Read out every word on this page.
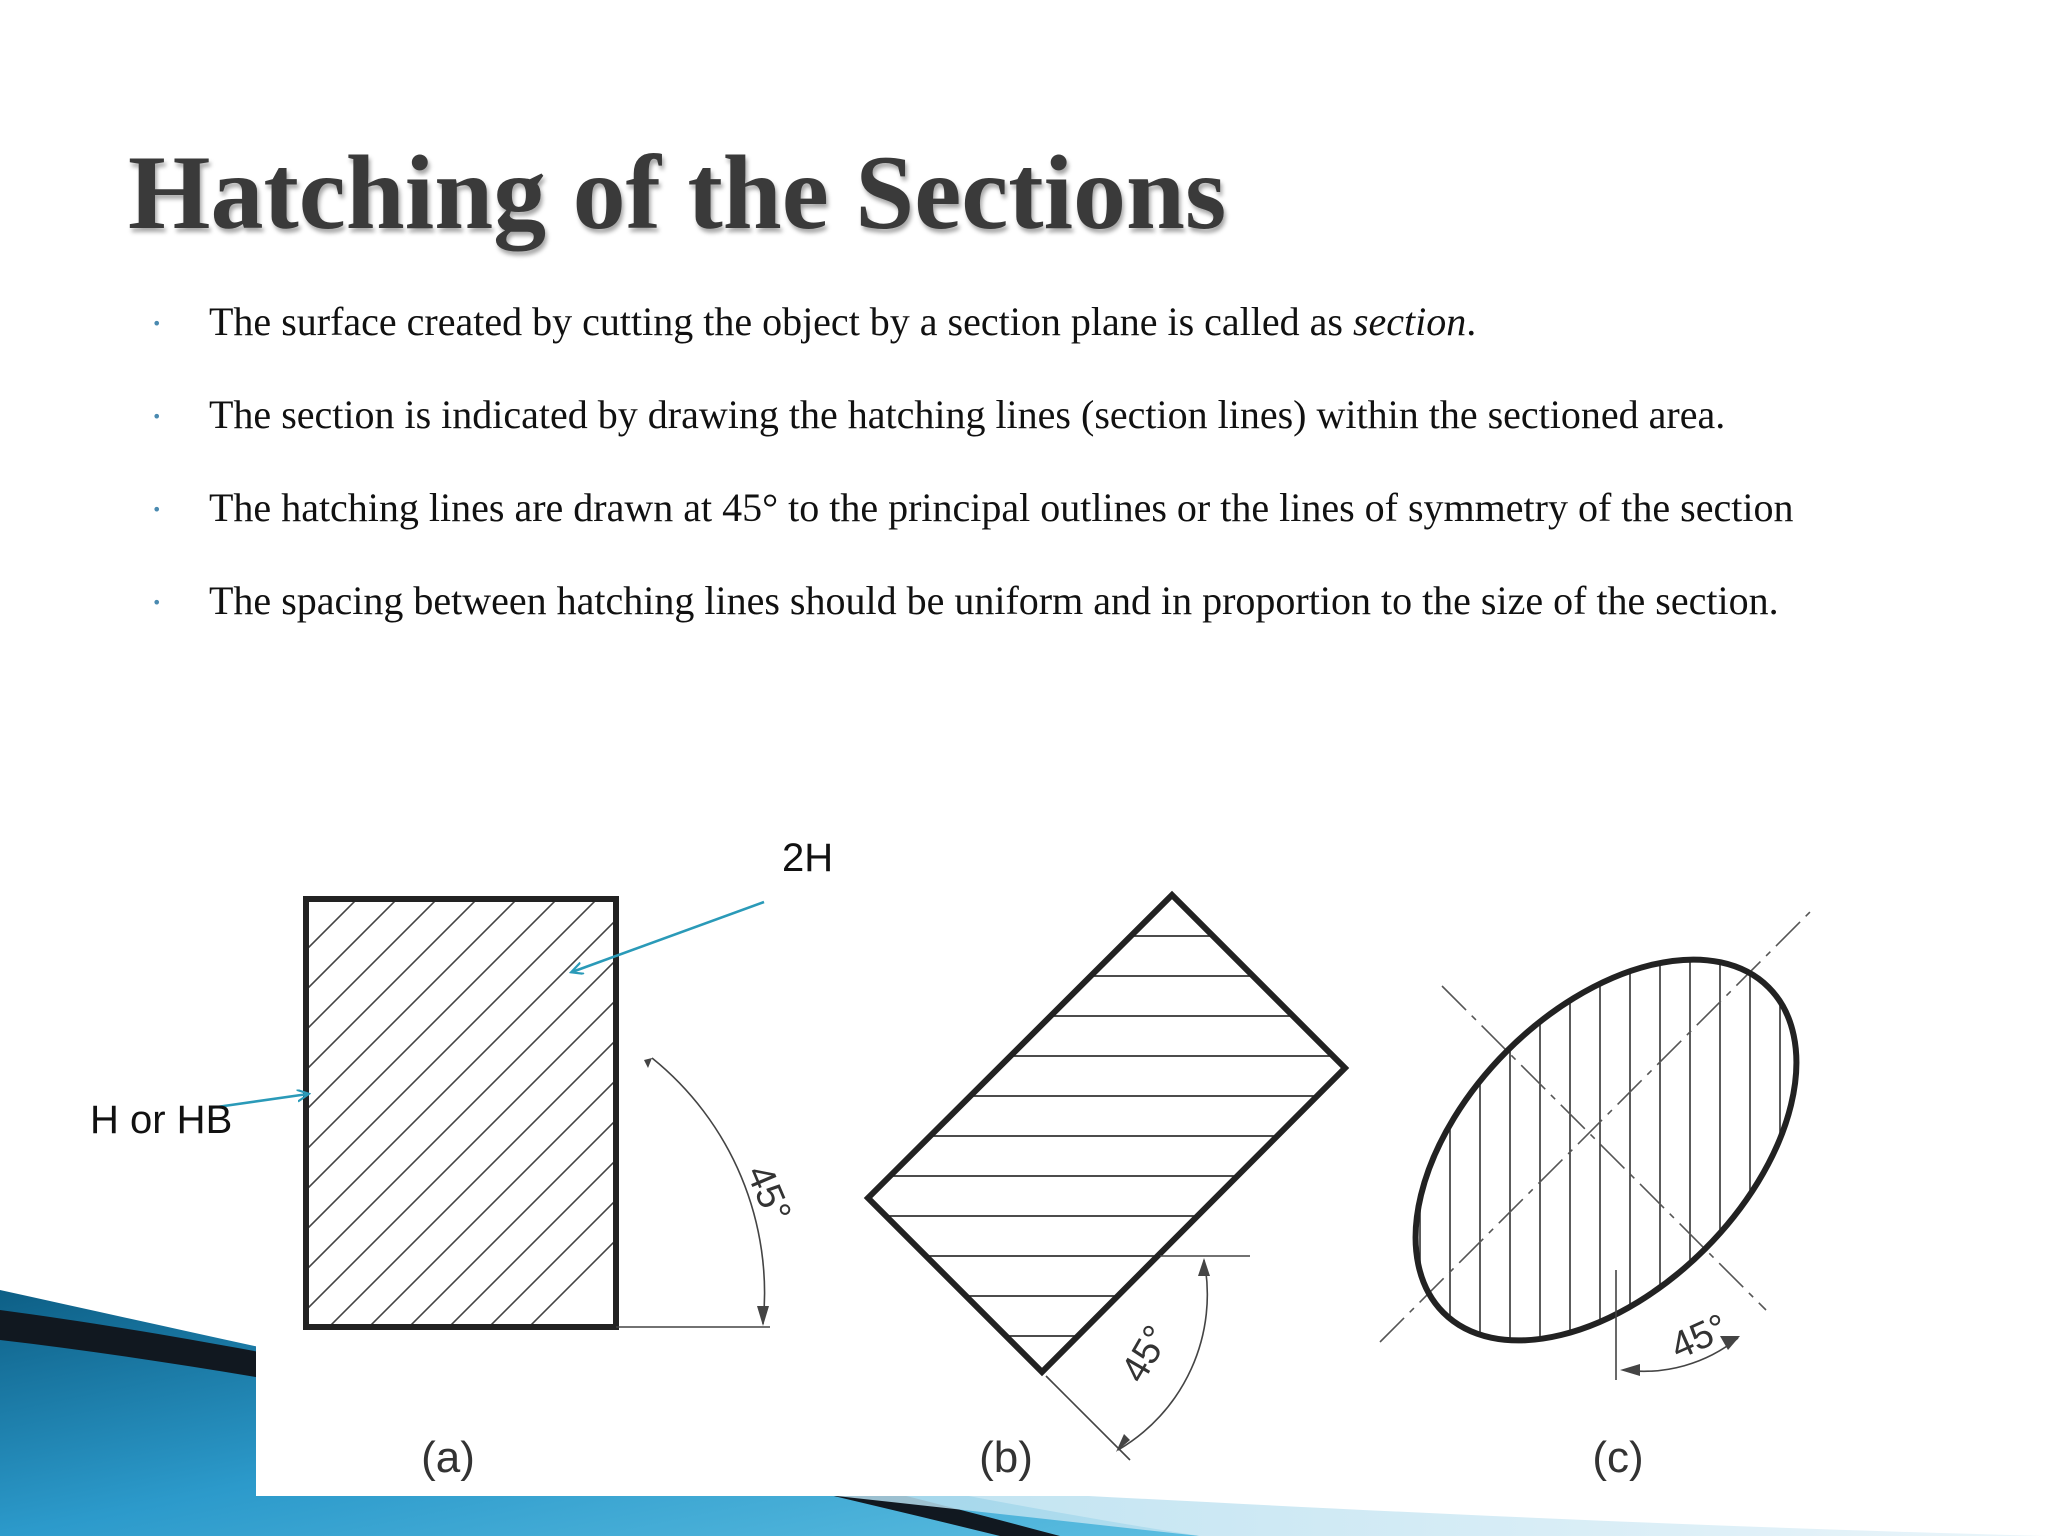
Hatching of the Sections
• The surface created by cutting the object by a section plane is called as section.
• The section is indicated by drawing the hatching lines (section lines) within the sectioned area.
• The hatching lines are drawn at 45° to the principal outlines or the lines of symmetry of the section
• The spacing between hatching lines should be uniform and in proportion to the size of the section.
45°
(a)
45°
(b)
45°
(c)
2H
H or HB
